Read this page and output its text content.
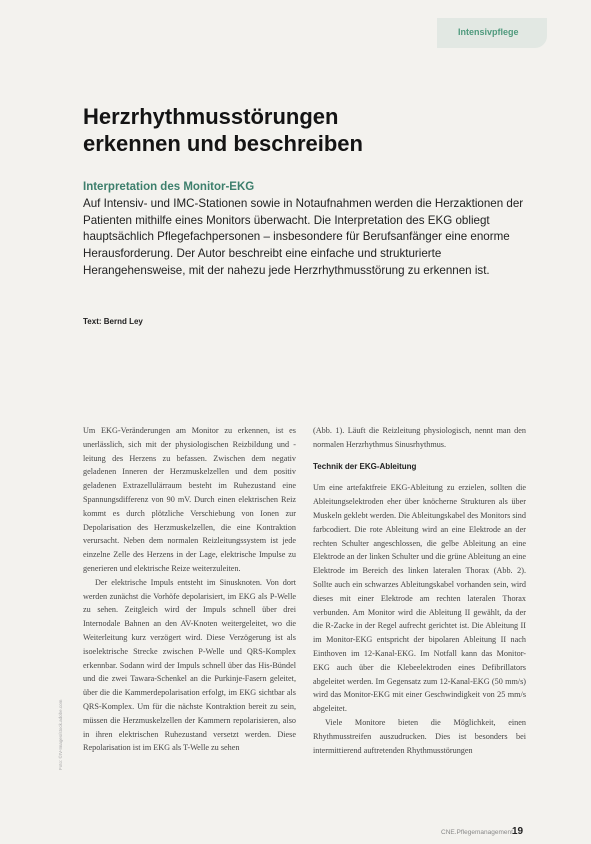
Intensivpflege
Herzrhythmusstörungen
erkennen und beschreiben
Interpretation des Monitor-EKG

Auf Intensiv- und IMC-Stationen sowie in Notaufnahmen werden die Herzaktionen der Patienten mithilfe eines Monitors überwacht. Die Interpretation des EKG obliegt hauptsächlich Pflegefachpersonen – insbesondere für Berufsanfänger eine enorme Herausforderung. Der Autor beschreibt eine einfache und strukturierte Herangehensweise, mit der nahezu jede Herzrhythmusstörung zu erkennen ist.

Text: Bernd Ley

Um EKG-Veränderungen am Monitor zu erkennen, ist es unerlässlich, sich mit der physiologischen Reizbildung und -leitung des Herzens zu befassen. Zwischen dem negativ geladenen Inneren der Herzmuskelzellen und dem positiv geladenen Extrazellulärraum besteht im Ruhezustand eine Spannungsdifferenz von 90 mV. Durch einen elektrischen Reiz kommt es durch plötzliche Verschiebung von Ionen zur Depolarisation des Herzmuskelzellen, die eine Kontraktion verursacht. Neben dem normalen Reizleitungssystem ist jede einzelne Zelle des Herzens in der Lage, elektrische Impulse zu generieren und elektrische Reize weiterzuleiten.

Der elektrische Impuls entsteht im Sinusknoten. Von dort werden zunächst die Vorhöfe depolarisiert, im EKG als P-Welle zu sehen. Zeitgleich wird der Impuls schnell über drei Internodale Bahnen an den AV-Knoten weitergeleitet, wo die Weiterleitung kurz verzögert wird. Diese Verzögerung ist als isoelektrische Strecke zwischen P-Welle und QRS-Komplex erkennbar. Sodann wird der Impuls schnell über das His-Bündel und die zwei Tawara-Schenkel an die Purkinje-Fasern geleitet, über die die Kammerdepolarisation erfolgt, im EKG sichtbar als QRS-Komplex. Um für die nächste Kontraktion bereit zu sein, müssen die Herzmuskelzellen der Kammern repolarisieren, also in ihren elektrischen Ruhezustand versetzt werden. Diese Repolarisation ist im EKG als T-Welle zu sehen

(Abb. 1). Läuft die Reizleitung physiologisch, nennt man den normalen Herzrhythmus Sinusrhythmus.

Technik der EKG-Ableitung

Um eine artefaktfreie EKG-Ableitung zu erzielen, sollten die Ableitungselektroden eher über knöcherne Strukturen als über Muskeln geklebt werden. Die Ableitungskabel des Monitors sind farbcodiert. Die rote Ableitung wird an eine Elektrode an der rechten Schulter angeschlossen, die gelbe Ableitung an eine Elektrode an der linken Schulter und die grüne Ableitung an eine Elektrode im Bereich des linken lateralen Thorax (Abb. 2). Sollte auch ein schwarzes Ableitungskabel vorhanden sein, wird dieses mit einer Elektrode am rechten lateralen Thorax verbunden. Am Monitor wird die Ableitung II gewählt, da der die R-Zacke in der Regel aufrecht gerichtet ist. Die Ableitung II im Monitor-EKG entspricht der bipolaren Ableitung II nach Einthoven im 12-Kanal-EKG. Im Notfall kann das Monitor-EKG auch über die Klebeelektroden eines Defibrillators abgeleitet werden. Im Gegensatz zum 12-Kanal-EKG (50 mm/s) wird das Monitor-EKG mit einer Geschwindigkeit von 25 mm/s abgeleitet.

Viele Monitore bieten die Möglichkeit, einen Rhythmusstreifen auszudrucken. Dies ist besonders bei intermittierend auftretenden Rhythmusstörungen

Foto: ©IV-Images/stock.adobe.com
CNE.Pflegemanagement 19
